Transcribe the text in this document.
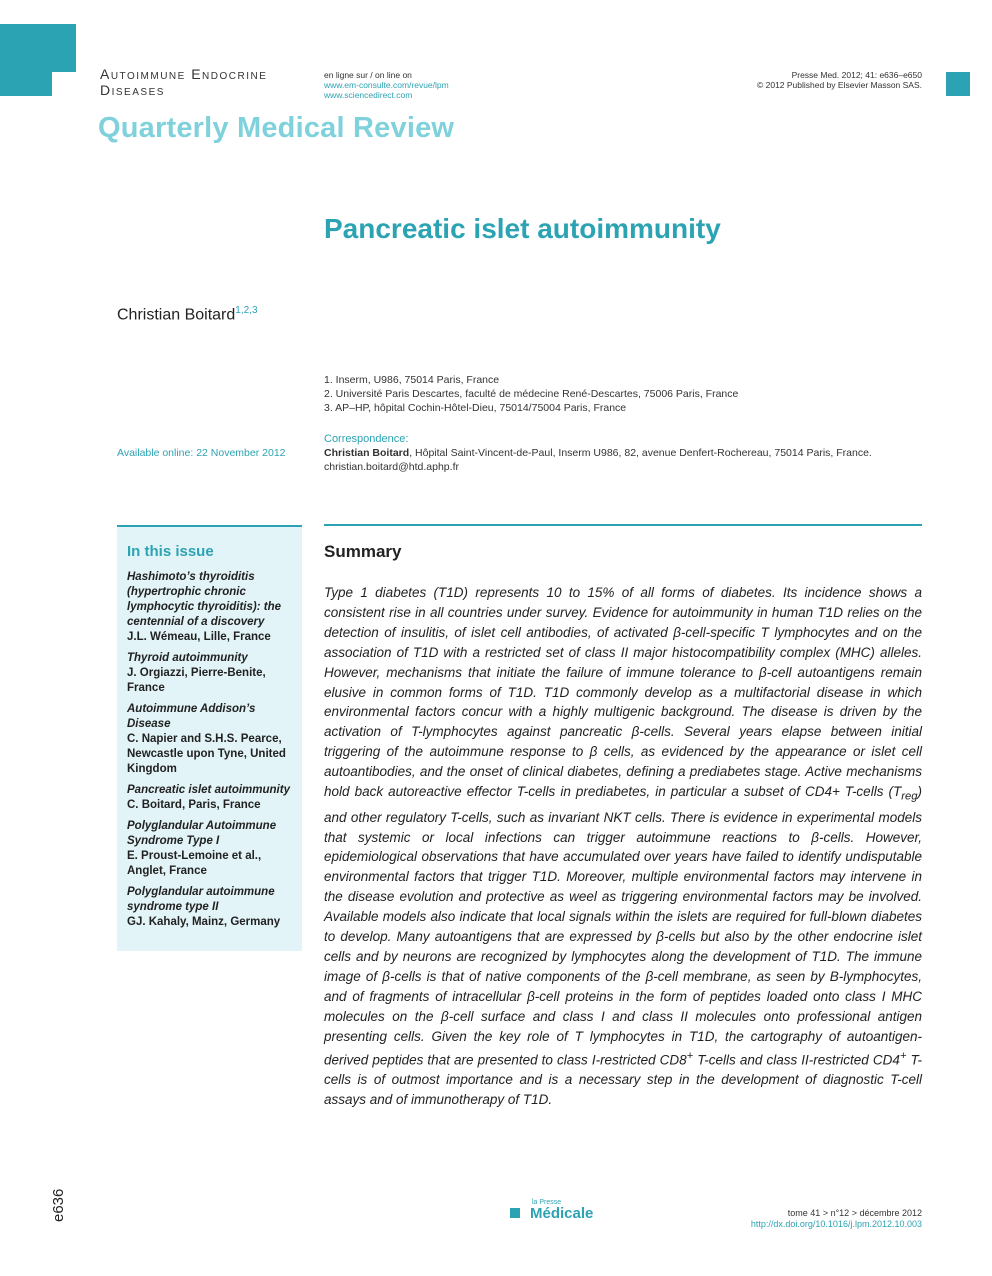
Autoimmune Endocrine
Diseases
en ligne sur / on line on
www.em-consulte.com/revue/lpm
www.sciencedirect.com
Presse Med. 2012; 41: e636–e650
© 2012 Published by Elsevier Masson SAS.
Quarterly Medical Review
Pancreatic islet autoimmunity
Christian Boitard$^{1,2,3}$
1. Inserm, U986, 75014 Paris, France
2. Université Paris Descartes, faculté de médecine René-Descartes, 75006 Paris, France
3. AP–HP, hôpital Cochin-Hôtel-Dieu, 75014/75004 Paris, France
Available online: 22 November 2012
Correspondence:
Christian Boitard, Hôpital Saint-Vincent-de-Paul, Inserm U986, 82, avenue Denfert-Rochereau, 75014 Paris, France.
christian.boitard@htd.aphp.fr
In this issue
Hashimoto’s thyroiditis (hypertrophic chronic lymphocytic thyroiditis): the centennial of a discovery
J.L. Wémeau, Lille, France
Thyroid autoimmunity
J. Orgiazzi, Pierre-Benite, France
Autoimmune Addison’s Disease
C. Napier and S.H.S. Pearce, Newcastle upon Tyne, United Kingdom
Pancreatic islet autoimmunity
C. Boitard, Paris, France
Polyglandular Autoimmune Syndrome Type I
E. Proust-Lemoine et al., Anglet, France
Polyglandular autoimmune syndrome type II
GJ. Kahaly, Mainz, Germany
Summary
Type 1 diabetes (T1D) represents 10 to 15% of all forms of diabetes. Its incidence shows a consistent rise in all countries under survey. Evidence for autoimmunity in human T1D relies on the detection of insulitis, of islet cell antibodies, of activated β-cell-specific T lymphocytes and on the association of T1D with a restricted set of class II major histocompatibility complex (MHC) alleles. However, mechanisms that initiate the failure of immune tolerance to β-cell autoantigens remain elusive in common forms of T1D. T1D commonly develop as a multifactorial disease in which environmental factors concur with a highly multigenic background. The disease is driven by the activation of T-lymphocytes against pancreatic β-cells. Several years elapse between initial triggering of the autoimmune response to β cells, as evidenced by the appearance or islet cell autoantibodies, and the onset of clinical diabetes, defining a prediabetes stage. Active mechanisms hold back autoreactive effector T-cells in prediabetes, in particular a subset of CD4+ T-cells $(T_{reg})$ and other regulatory T-cells, such as invariant NKT cells. There is evidence in experimental models that systemic or local infections can trigger autoimmune reactions to β-cells. However, epidemiological observations that have accumulated over years have failed to identify undisputable environmental factors that trigger T1D. Moreover, multiple environmental factors may intervene in the disease evolution and protective as weel as triggering environmental factors may be involved. Available models also indicate that local signals within the islets are required for full-blown diabetes to develop. Many autoantigens that are expressed by β-cells but also by the other endocrine islet cells and by neurons are recognized by lymphocytes along the development of T1D. The immune image of β-cells is that of native components of the β-cell membrane, as seen by B-lymphocytes, and of fragments of intracellular β-cell proteins in the form of peptides loaded onto class I MHC molecules on the β-cell surface and class I and class II molecules onto professional antigen presenting cells. Given the key role of T lymphocytes in T1D, the cartography of autoantigen-derived peptides that are presented to class I-restricted CD8+ T-cells and class II-restricted CD4+ T-cells is of outmost importance and is a necessary step in the development of diagnostic T-cell assays and of immunotherapy of T1D.
e636	la Presse
Médicale	tome 41 > n°12 > décembre 2012
http://dx.doi.org/10.1016/j.lpm.2012.10.003
